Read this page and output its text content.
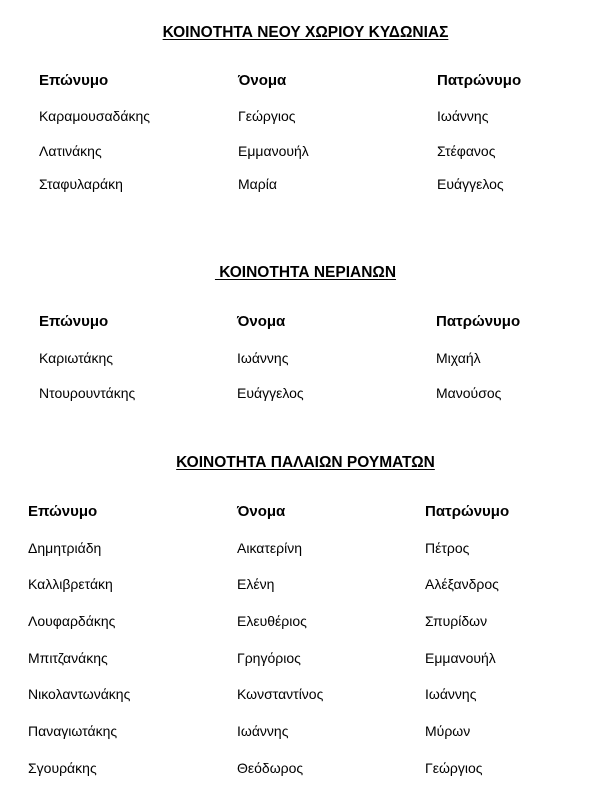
ΚΟΙΝΟΤΗΤΑ ΝΕΟΥ ΧΩΡΙΟΥ ΚΥΔΩΝΙΑΣ
Επώνυμο	Όνομα	Πατρώνυμο
Καραμουσαδάκης	Γεώργιος	Ιωάννης
Λατινάκης	Εμμανουήλ	Στέφανος
Σταφυλαράκη	Μαρία	Ευάγγελος
ΚΟΙΝΟΤΗΤΑ ΝΕΡΙΑΝΩΝ
Επώνυμο	Όνομα	Πατρώνυμο
Καριωτάκης	Ιωάννης	Μιχαήλ
Ντουρουντάκης	Ευάγγελος	Μανούσος
ΚΟΙΝΟΤΗΤΑ ΠΑΛΑΙΩΝ ΡΟΥΜΑΤΩΝ
Επώνυμο	Όνομα	Πατρώνυμο
Δημητριάδη	Αικατερίνη	Πέτρος
Καλλιβρετάκη	Ελένη	Αλέξανδρος
Λουφαρδάκης	Ελευθέριος	Σπυρίδων
Μπιτζανάκης	Γρηγόριος	Εμμανουήλ
Νικολαντωνάκης	Κωνσταντίνος	Ιωάννης
Παναγιωτάκης	Ιωάννης	Μύρων
Σγουράκης	Θεόδωρος	Γεώργιος
